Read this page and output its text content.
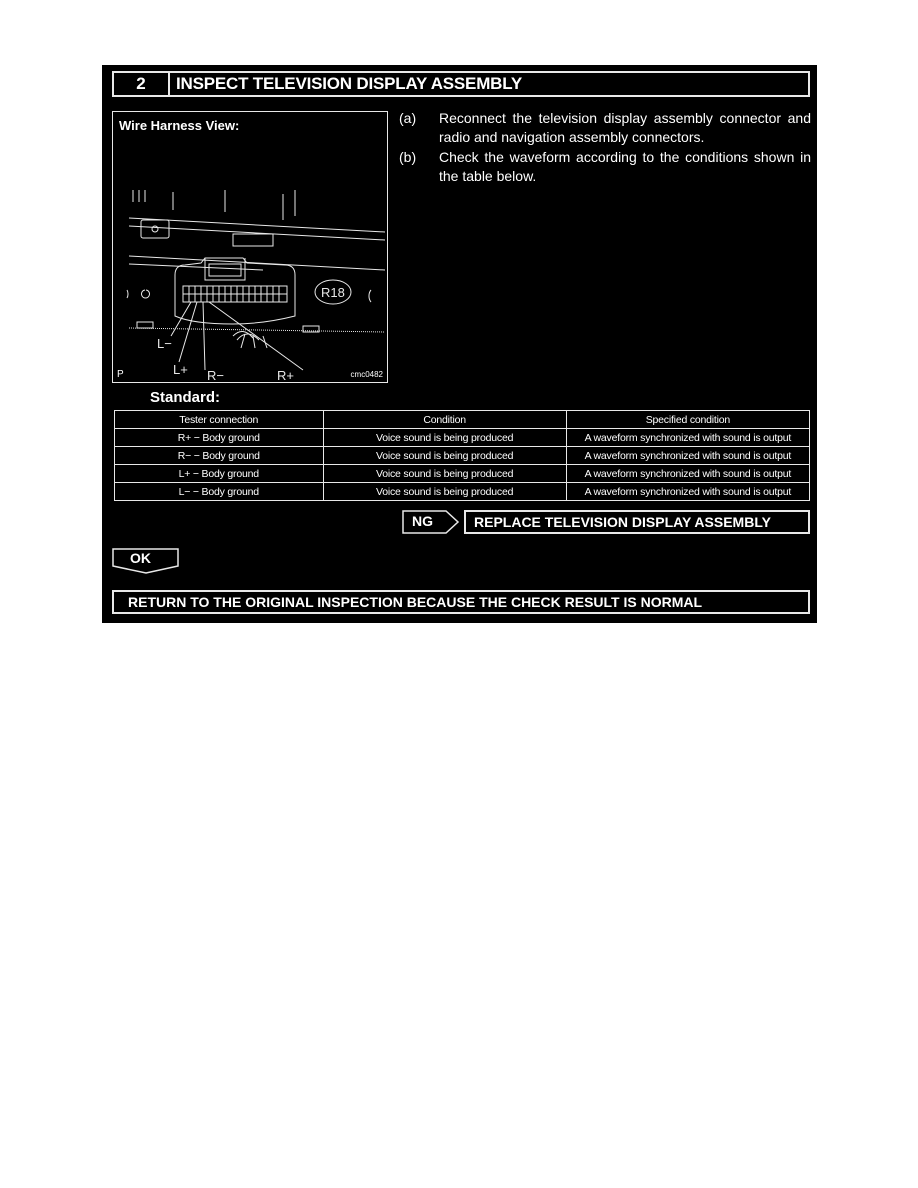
2	INSPECT TELEVISION DISPLAY ASSEMBLY
Wire Harness View:
R18
L−
L+ R−	R+
P	cmc0482
(a)	Reconnect the television display assembly connector and radio and navigation assembly connectors.
(b)	Check the waveform according to the conditions shown in the table below.
Standard:
Tester connection	Condition	Specified condition
R+ − Body ground	Voice sound is being produced	A waveform synchronized with sound is output
R− − Body ground	Voice sound is being produced	A waveform synchronized with sound is output
L+ − Body ground	Voice sound is being produced	A waveform synchronized with sound is output
L− − Body ground	Voice sound is being produced	A waveform synchronized with sound is output
NG	REPLACE TELEVISION DISPLAY ASSEMBLY
OK
RETURN TO THE ORIGINAL INSPECTION BECAUSE THE CHECK RESULT IS NORMAL
